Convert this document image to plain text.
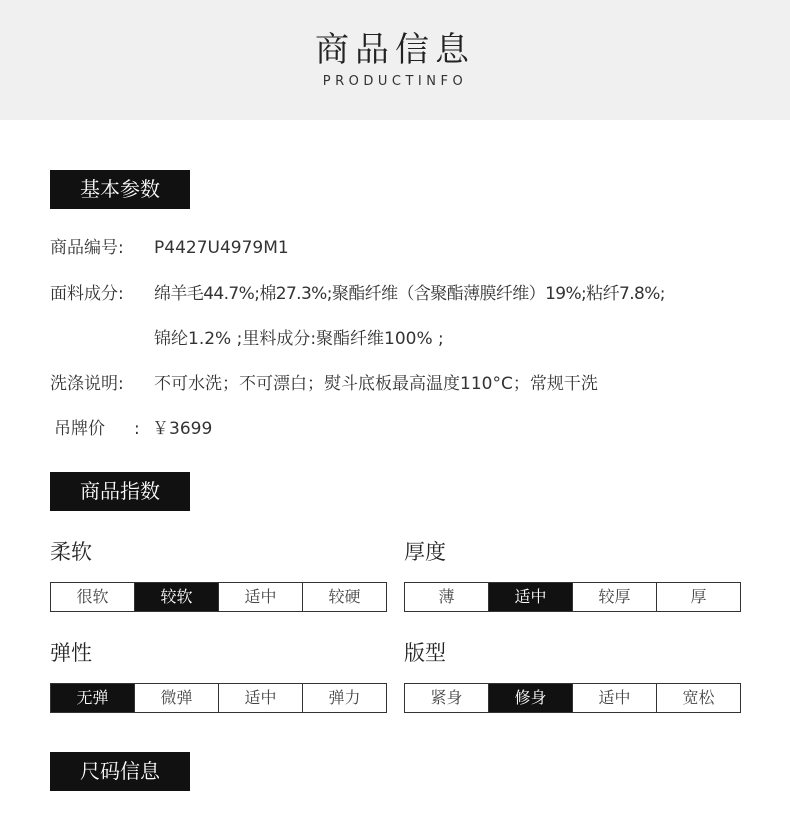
商品信息
PRODUCTINFO
基本参数
商品编号: P4427U4979M1
面料成分: 绵羊毛44.7%;棉27.3%;聚酯纤维（含聚酯薄膜纤维）19%;粘纤7.8%;
锦纶1.2% ;里料成分:聚酯纤维100% ;
洗涤说明: 不可水洗；不可漂白；熨斗底板最高温度110°C；常规干洗
吊牌价 : ￥3699
商品指数
柔软
很软	较软	适中	较硬
厚度
薄	适中	较厚	厚
弹性
无弹	微弹	适中	弹力
版型
紧身	修身	适中	宽松
尺码信息
